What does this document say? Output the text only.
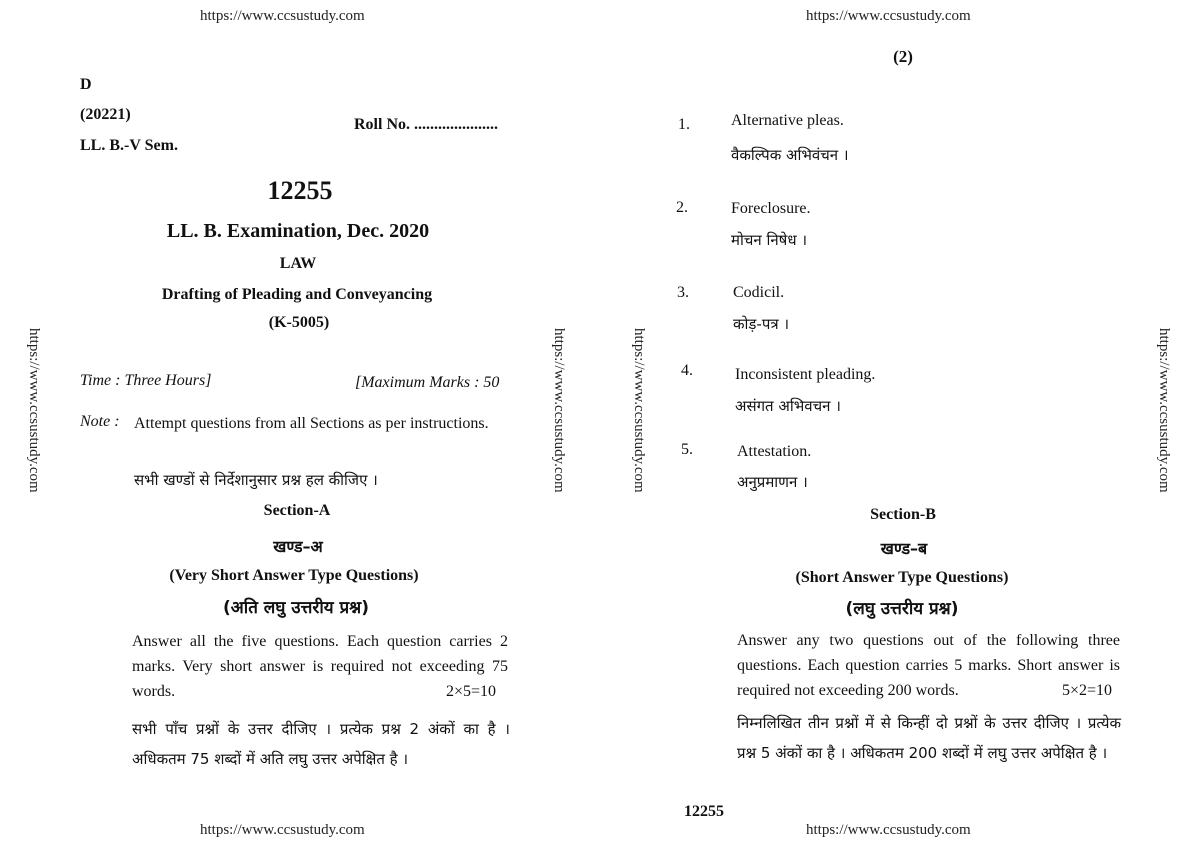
https://www.ccsustudy.com	https://www.ccsustudy.com
https://www.ccsustudy.com	https://www.ccsustudy.com
https://www.ccsustudy.com	https://www.ccsustudy.com	https://www.ccsustudy.com	https://www.ccsustudy.com
D
(20221)
Roll No. .....................
LL. B.-V Sem.
12255
LL. B. Examination, Dec. 2020
LAW
Drafting of Pleading and Conveyancing
(K-5005)
Time : Three Hours]	[Maximum Marks : 50
Note : Attempt questions from all Sections as per instructions.
सभी खण्डों से निर्देशानुसार प्रश्न हल कीजिए ।
Section-A
खण्ड–अ
(Very Short Answer Type Questions)
(अति लघु उत्तरीय प्रश्न)
Answer all the five questions. Each question carries 2 marks. Very short answer is required not exceeding 75 words.	2×5=10
सभी पाँच प्रश्नों के उत्तर दीजिए । प्रत्येक प्रश्न 2 अंकों का है । अधिकतम 75 शब्दों में अति लघु उत्तर अपेक्षित है ।
(2)
1.	Alternative pleas.
वैकल्पिक अभिवंचन ।
2.	Foreclosure.
मोचन निषेध ।
3.	Codicil.
कोड़-पत्र ।
4.	Inconsistent pleading.
असंगत अभिवचन ।
5.	Attestation.
अनुप्रमाणन ।
Section-B
खण्ड–ब
(Short Answer Type Questions)
(लघु उत्तरीय प्रश्न)
Answer any two questions out of the following three questions. Each question carries 5 marks. Short answer is required not exceeding 200 words.	5×2=10
निम्नलिखित तीन प्रश्नों में से किन्हीं दो प्रश्नों के उत्तर दीजिए । प्रत्येक प्रश्न 5 अंकों का है । अधिकतम 200 शब्दों में लघु उत्तर अपेक्षित है ।
12255
